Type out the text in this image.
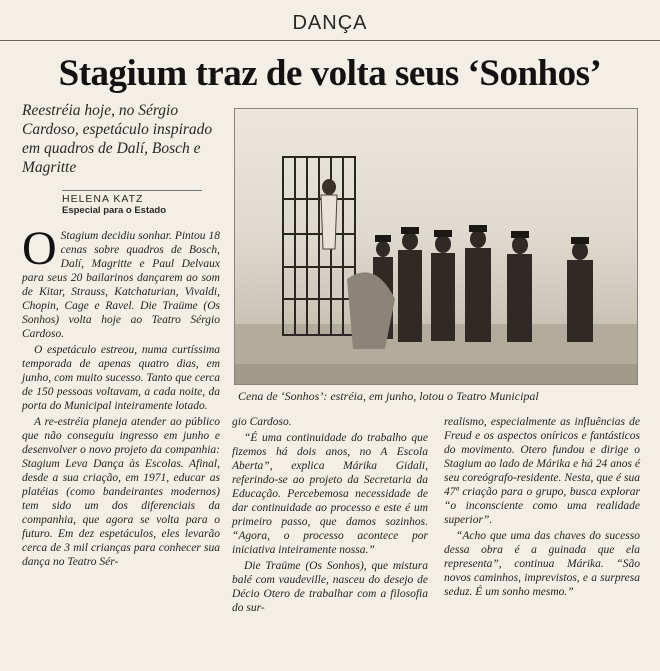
DANÇA
Stagium traz de volta seus ‘Sonhos’
Reestréia hoje, no Sérgio Cardoso, espetáculo inspirado em quadros de Dalí, Bosch e Magritte
HELENA KATZ
Especial para o Estado
Cena de ‘Sonhos’: estréia, em junho, lotou o Teatro Municipal

O Stagium decidiu sonhar. Pintou 18 cenas sobre quadros de Bosch, Dalí, Magritte e Paul Delvaux para seus 20 bailarinos dançarem ao som de Kitar, Strauss, Katchaturian, Vivaldi, Chopin, Cage e Ravel. Die Traüme (Os Sonhos) volta hoje ao Teatro Sérgio Cardoso.

O espetáculo estreou, numa curtíssima temporada de apenas quatro dias, em junho, com muito sucesso. Tanto que cerca de 150 pessoas voltavam, a cada noite, da porta do Municipal inteiramente lotado.

A re-estréia planeja atender ao público que não conseguiu ingresso em junho e desenvolver o novo projeto da companhia: Stagium Leva Dança às Escolas. Afinal, desde a sua criação, em 1971, educar as platéias (como bandeirantes modernos) tem sido um dos diferenciais da companhia, que agora se volta para o futuro. Em dez espetáculos, eles levarão cerca de 3 mil crianças para conhecer sua dança no Teatro Sér-

gio Cardoso.

“É uma continuidade do trabalho que fizemos há dois anos, no A Escola Aberta”, explica Márika Gidali, referindo-se ao projeto da Secretaria da Educação. Percebemosa necessidade de dar continuidade ao processo e este é um primeiro passo, que damos sozinhos. “Agora, o processo acontece por iniciativa inteiramente nossa.”

Die Traüme (Os Sonhos), que mistura balé com vaudeville, nasceu do desejo de Décio Otero de trabalhar com a filosofia do sur-

realismo, especialmente as influências de Freud e os aspectos oníricos e fantásticos do movimento. Otero fundou e dirige o Stagium ao lado de Márika e há 24 anos é seu coreógrafo-residente. Nesta, que é sua 47ª criação para o grupo, busca explorar “o inconsciente como uma realidade superior”.

“Acho que uma das chaves do sucesso dessa obra é a guinada que ela representa”, continua Márika. “São novos caminhos, imprevistos, e a surpresa seduz. É um sonho mesmo.”
